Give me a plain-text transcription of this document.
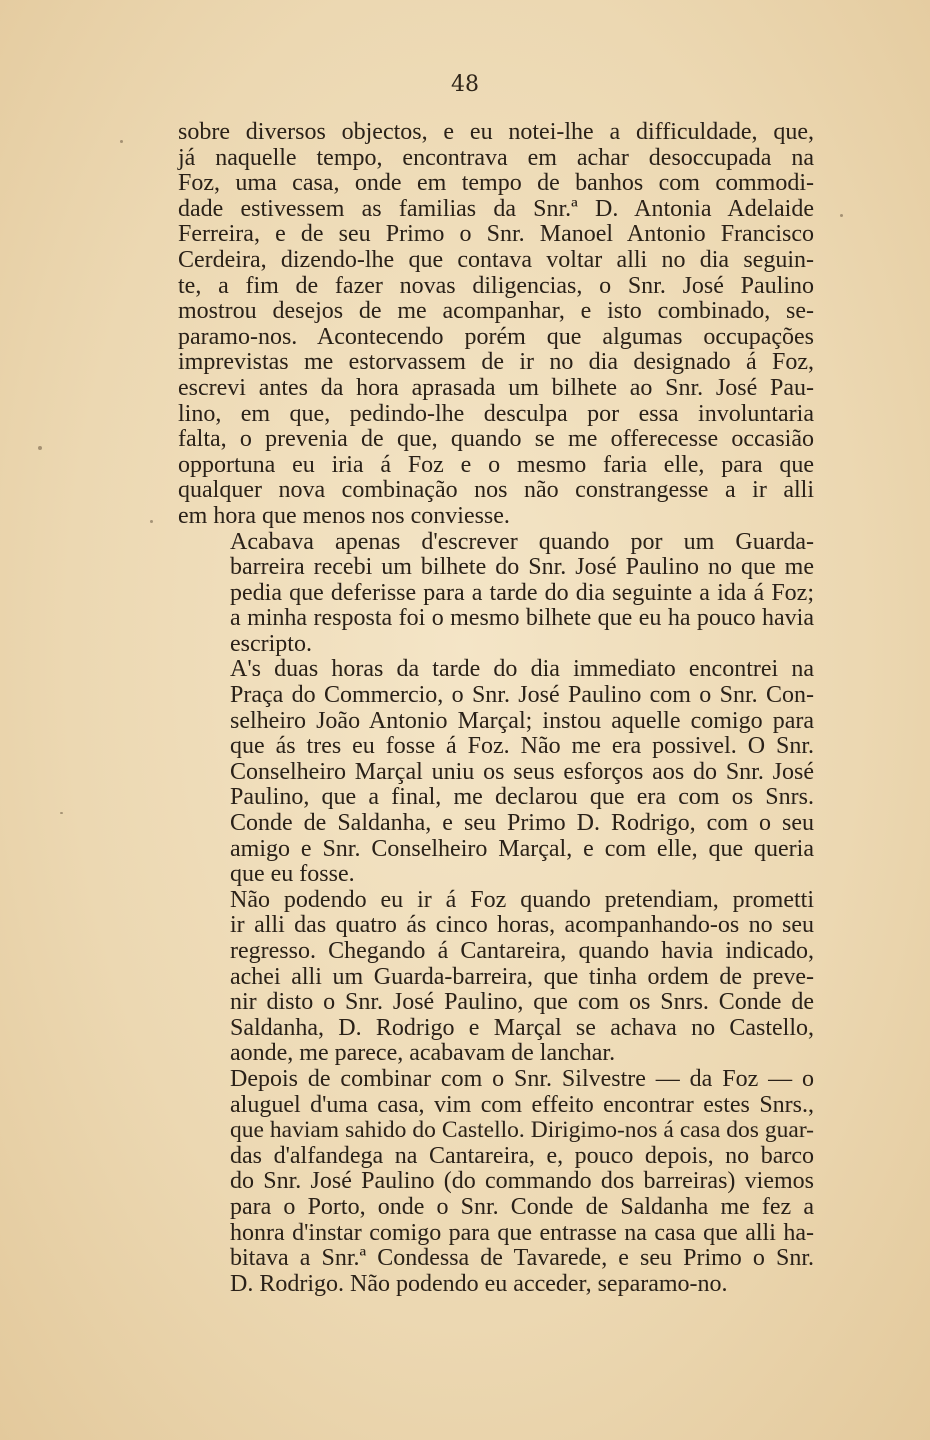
48
sobre diversos objectos, e eu notei-lhe a difficuldade, que,
já naquelle tempo, encontrava em achar desoccupada na
Foz, uma casa, onde em tempo de banhos com commodi-
dade estivessem as familias da Snr.ª D. Antonia Adelaide
Ferreira, e de seu Primo o Snr. Manoel Antonio Francisco
Cerdeira, dizendo-lhe que contava voltar alli no dia seguin-
te, a fim de fazer novas diligencias, o Snr. José Paulino
mostrou desejos de me acompanhar, e isto combinado, se-
paramo-nos. Acontecendo porém que algumas occupações
imprevistas me estorvassem de ir no dia designado á Foz,
escrevi antes da hora aprasada um bilhete ao Snr. José Pau-
lino, em que, pedindo-lhe desculpa por essa involuntaria
falta, o prevenia de que, quando se me offerecesse occasião
opportuna eu iria á Foz e o mesmo faria elle, para que
qualquer nova combinação nos não constrangesse a ir alli
em hora que menos nos conviesse.
Acabava apenas d'escrever quando por um Guarda-
barreira recebi um bilhete do Snr. José Paulino no que me
pedia que deferisse para a tarde do dia seguinte a ida á Foz;
a minha resposta foi o mesmo bilhete que eu ha pouco havia
escripto.
A's duas horas da tarde do dia immediato encontrei na
Praça do Commercio, o Snr. José Paulino com o Snr. Con-
selheiro João Antonio Marçal; instou aquelle comigo para
que ás tres eu fosse á Foz. Não me era possivel. O Snr.
Conselheiro Marçal uniu os seus esforços aos do Snr. José
Paulino, que a final, me declarou que era com os Snrs.
Conde de Saldanha, e seu Primo D. Rodrigo, com o seu
amigo e Snr. Conselheiro Marçal, e com elle, que queria
que eu fosse.
Não podendo eu ir á Foz quando pretendiam, prometti
ir alli das quatro ás cinco horas, acompanhando-os no seu
regresso. Chegando á Cantareira, quando havia indicado,
achei alli um Guarda-barreira, que tinha ordem de preve-
nir disto o Snr. José Paulino, que com os Snrs. Conde de
Saldanha, D. Rodrigo e Marçal se achava no Castello,
aonde, me parece, acabavam de lanchar.
Depois de combinar com o Snr. Silvestre — da Foz — o
aluguel d'uma casa, vim com effeito encontrar estes Snrs.,
que haviam sahido do Castello. Dirigimo-nos á casa dos guar-
das d'alfandega na Cantareira, e, pouco depois, no barco
do Snr. José Paulino (do commando dos barreiras) viemos
para o Porto, onde o Snr. Conde de Saldanha me fez a
honra d'instar comigo para que entrasse na casa que alli ha-
bitava a Snr.ª Condessa de Tavarede, e seu Primo o Snr.
D. Rodrigo. Não podendo eu acceder, separamo-no.
